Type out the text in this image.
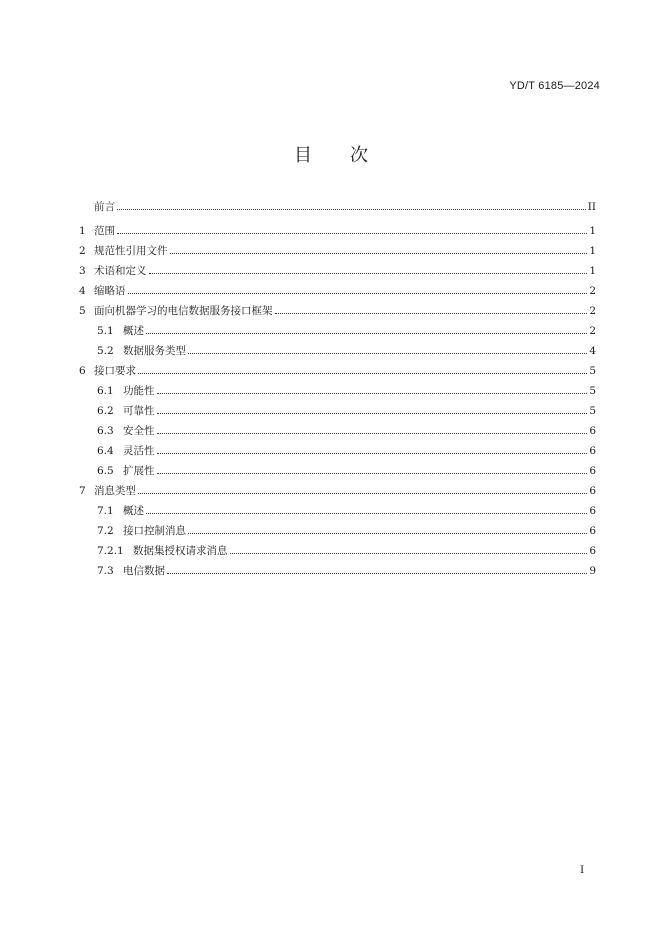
YD/T 6185—2024
目 次
前言	II
1 范围	1
2 规范性引用文件	1
3 术语和定义	1
4 缩略语	2
5 面向机器学习的电信数据服务接口框架	2
5.1 概述	2
5.2 数据服务类型	4
6 接口要求	5
6.1 功能性	5
6.2 可靠性	5
6.3 安全性	6
6.4 灵活性	6
6.5 扩展性	6
7 消息类型	6
7.1 概述	6
7.2 接口控制消息	6
7.2.1 数据集授权请求消息	6
7.3 电信数据	9
I
